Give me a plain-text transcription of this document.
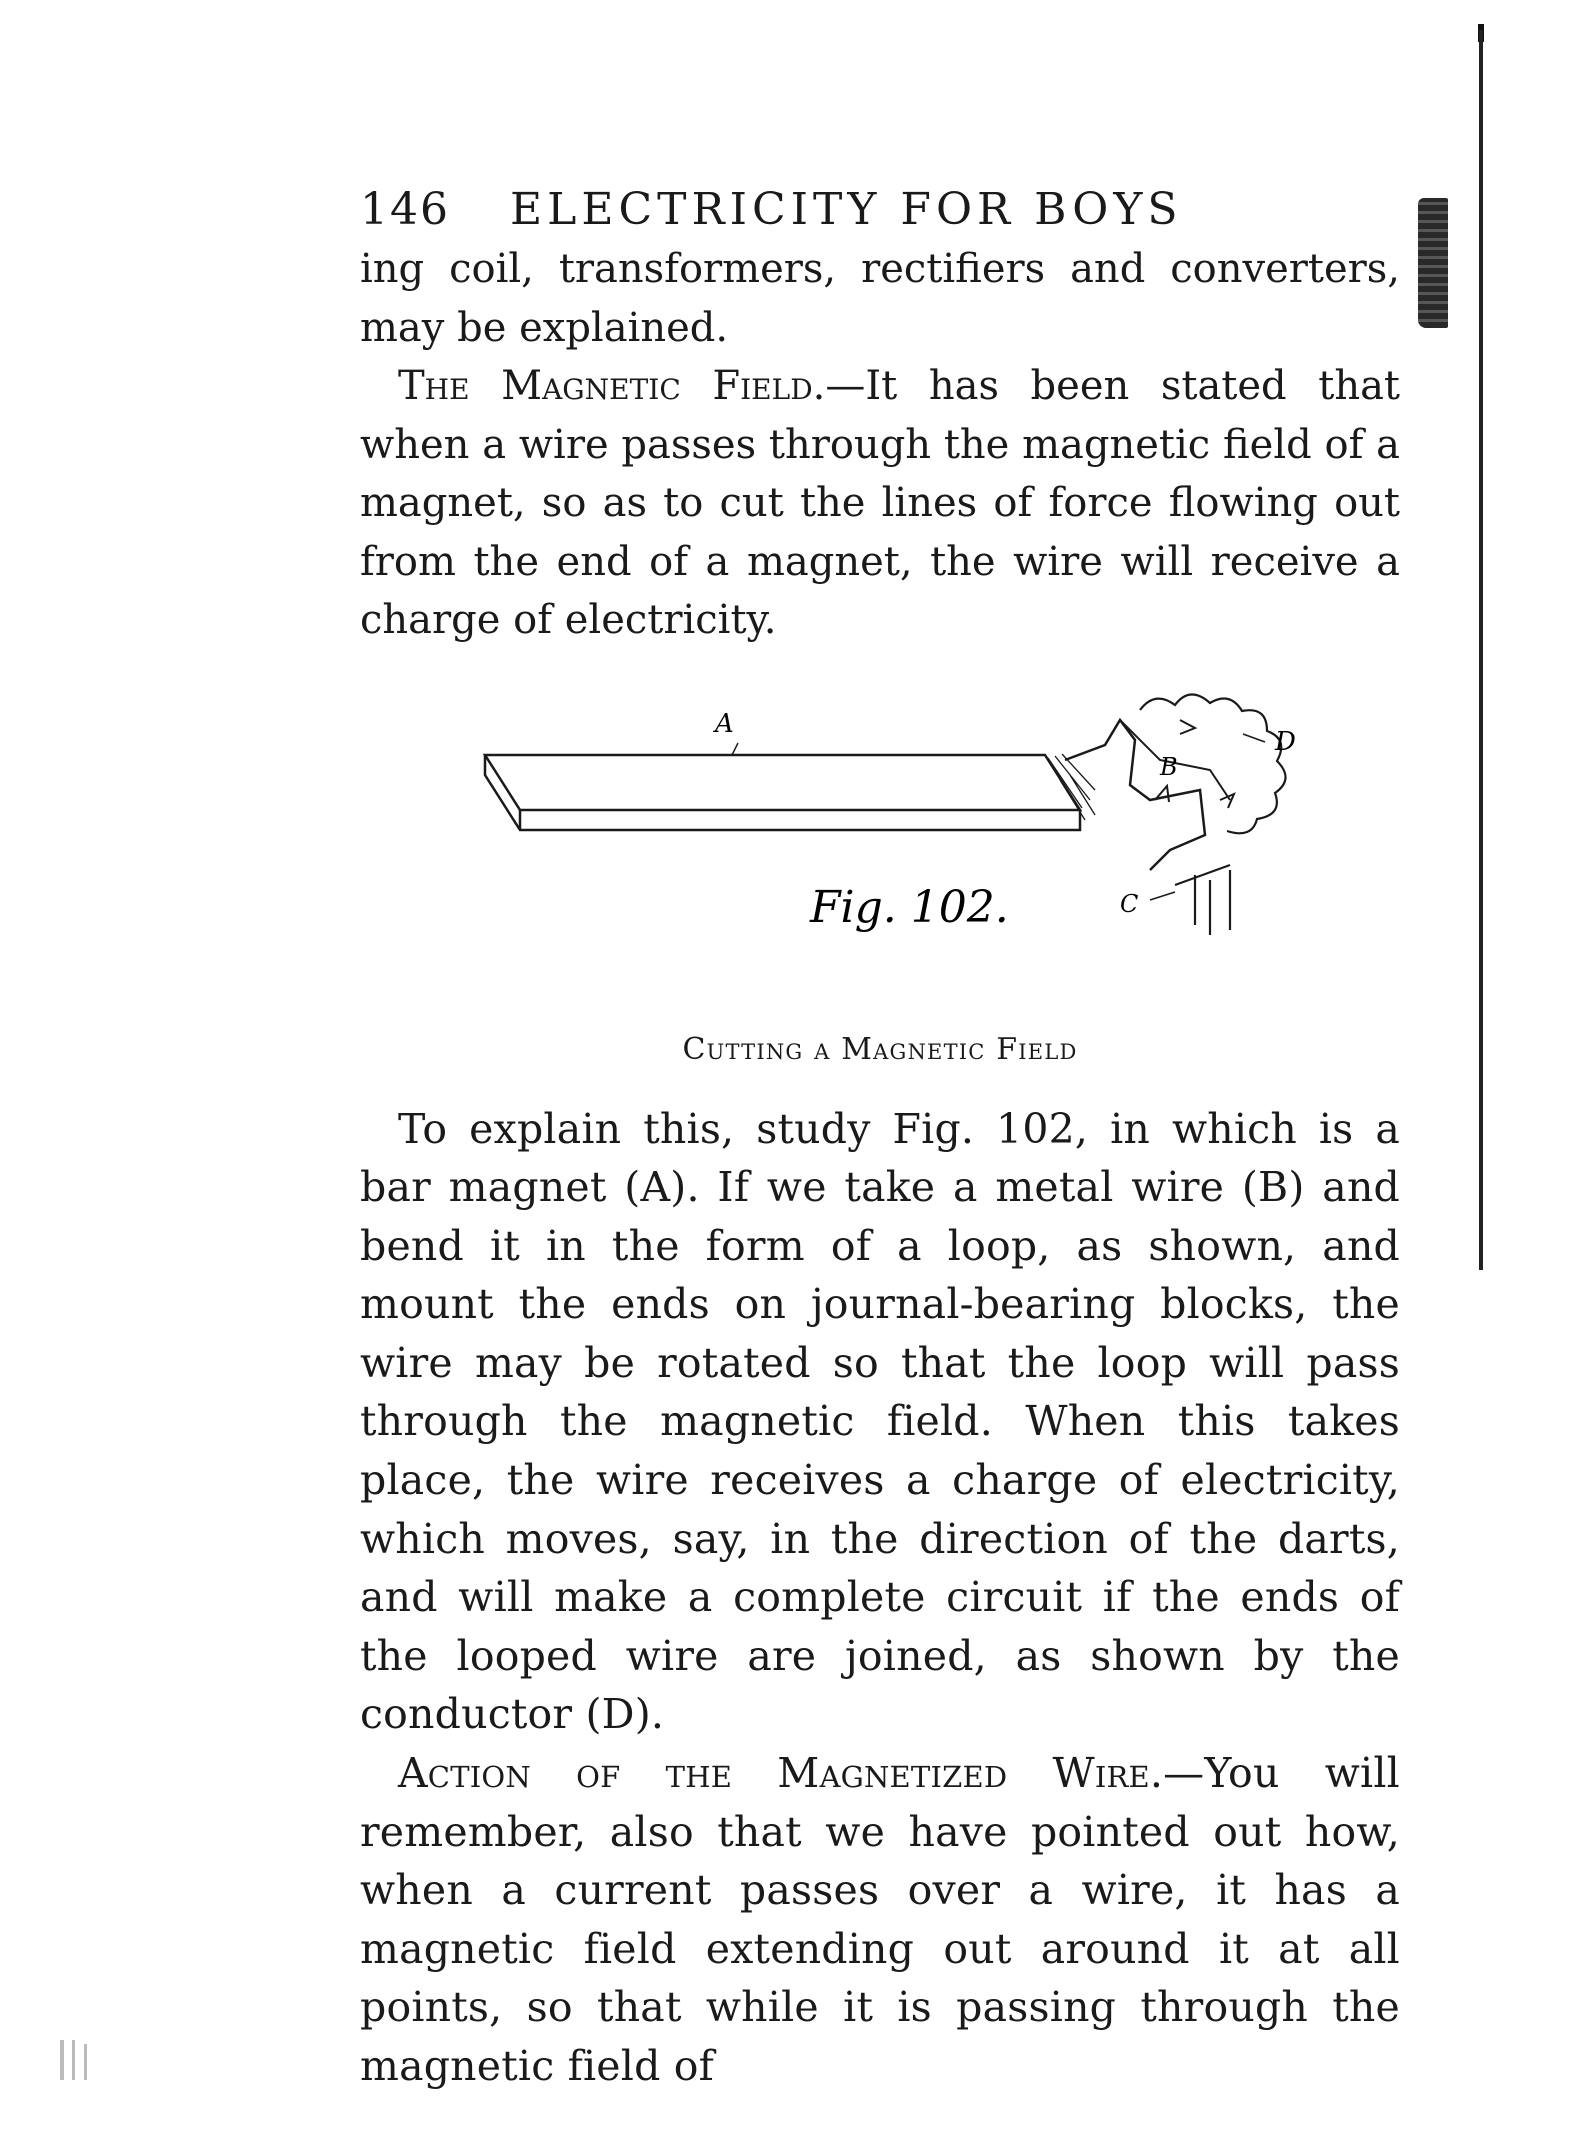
146	ELECTRICITY FOR BOYS

ing coil, transformers, rectifiers and converters, may be explained.

The Magnetic Field.—It has been stated that when a wire passes through the magnetic field of a magnet, so as to cut the lines of force flowing out from the end of a magnet, the wire will receive a charge of electricity.

A
D
B
C
Fig. 102.
Cutting a Magnetic Field

To explain this, study Fig. 102, in which is a bar magnet (A). If we take a metal wire (B) and bend it in the form of a loop, as shown, and mount the ends on journal-bearing blocks, the wire may be rotated so that the loop will pass through the magnetic field. When this takes place, the wire receives a charge of electricity, which moves, say, in the direction of the darts, and will make a complete circuit if the ends of the looped wire are joined, as shown by the conductor (D).

Action of the Magnetized Wire.—You will remember, also that we have pointed out how, when a current passes over a wire, it has a magnetic field extending out around it at all points, so that while it is passing through the magnetic field of
